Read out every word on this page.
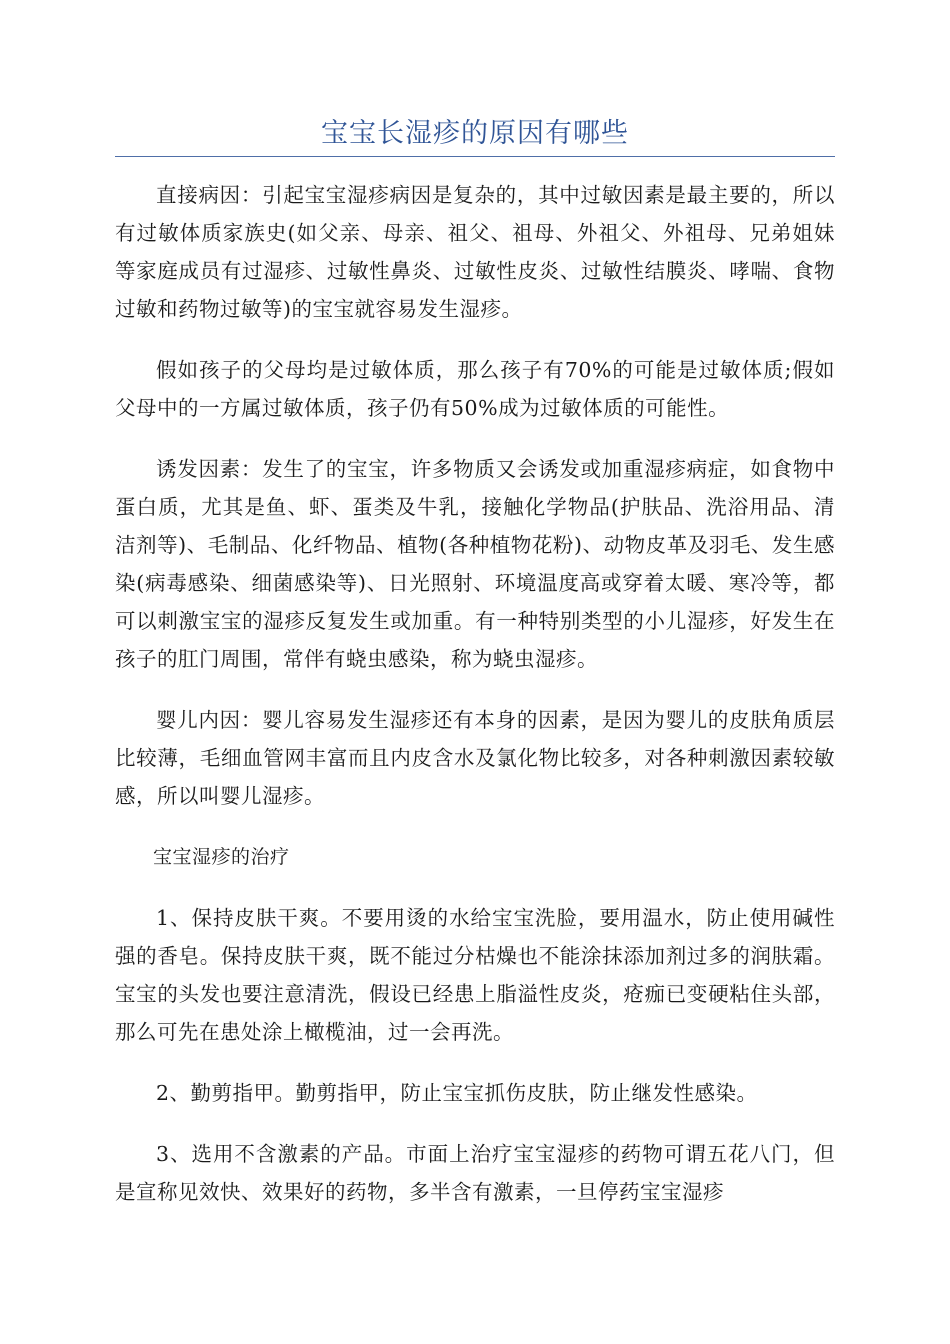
宝宝长湿疹的原因有哪些

直接病因：引起宝宝湿疹病因是复杂的，其中过敏因素是最主要的，所以有过敏体质家族史(如父亲、母亲、祖父、祖母、外祖父、外祖母、兄弟姐妹等家庭成员有过湿疹、过敏性鼻炎、过敏性皮炎、过敏性结膜炎、哮喘、食物过敏和药物过敏等)的宝宝就容易发生湿疹。

假如孩子的父母均是过敏体质，那么孩子有70%的可能是过敏体质;假如父母中的一方属过敏体质，孩子仍有50%成为过敏体质的可能性。

诱发因素：发生了的宝宝，许多物质又会诱发或加重湿疹病症，如食物中蛋白质，尤其是鱼、虾、蛋类及牛乳，接触化学物品(护肤品、洗浴用品、清洁剂等)、毛制品、化纤物品、植物(各种植物花粉)、动物皮革及羽毛、发生感染(病毒感染、细菌感染等)、日光照射、环境温度高或穿着太暖、寒冷等，都可以刺激宝宝的湿疹反复发生或加重。有一种特别类型的小儿湿疹，好发生在孩子的肛门周围，常伴有蛲虫感染，称为蛲虫湿疹。

婴儿内因：婴儿容易发生湿疹还有本身的因素，是因为婴儿的皮肤角质层比较薄，毛细血管网丰富而且内皮含水及氯化物比较多，对各种刺激因素较敏感，所以叫婴儿湿疹。

宝宝湿疹的治疗

1、保持皮肤干爽。不要用烫的水给宝宝洗脸，要用温水，防止使用碱性强的香皂。保持皮肤干爽，既不能过分枯燥也不能涂抹添加剂过多的润肤霜。宝宝的头发也要注意清洗，假设已经患上脂溢性皮炎，疮痂已变硬粘住头部，那么可先在患处涂上橄榄油，过一会再洗。

2、勤剪指甲。勤剪指甲，防止宝宝抓伤皮肤，防止继发性感染。

3、选用不含激素的产品。市面上治疗宝宝湿疹的药物可谓五花八门，但是宣称见效快、效果好的药物，多半含有激素，一旦停药宝宝湿疹
